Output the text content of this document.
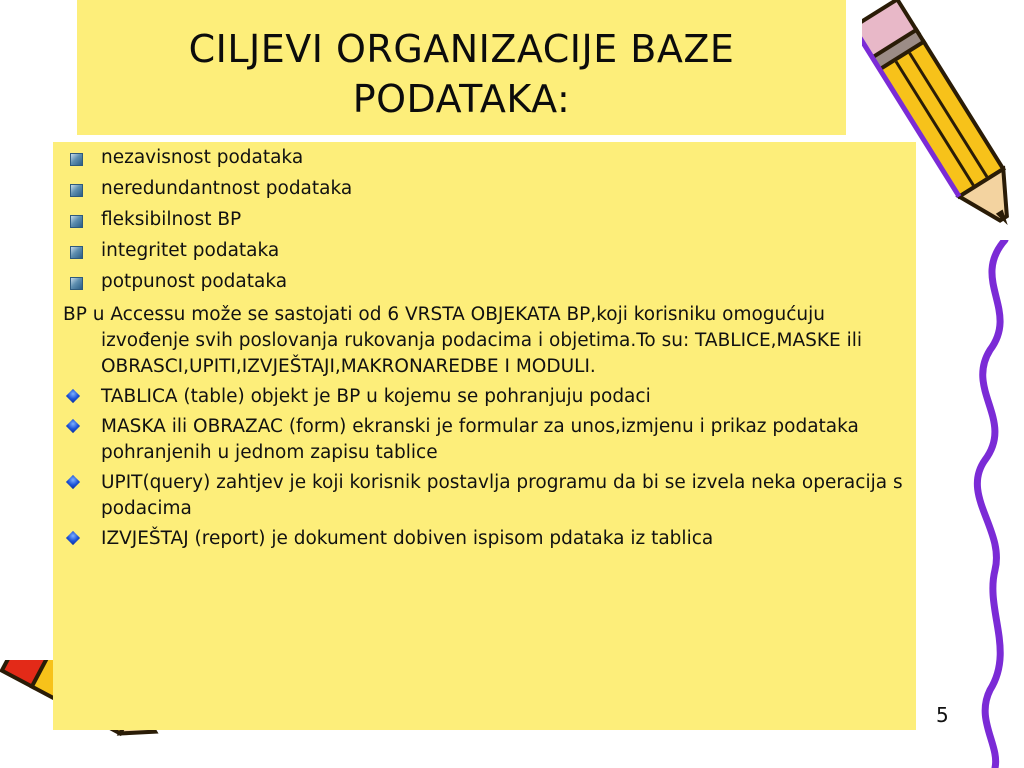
CILJEVI ORGANIZACIJE BAZE PODATAKA:
nezavisnost podataka
neredundantnost podataka
fleksibilnost BP
integritet podataka
potpunost podataka
BP u Accessu može se sastojati od 6 VRSTA OBJEKATA BP,koji korisniku omogućuju izvođenje svih poslovanja rukovanja podacima i objetima.To su: TABLICE,MASKE ili OBRASCI,UPITI,IZVJEŠTAJI,MAKRONAREDBE I MODULI.
TABLICA (table) objekt je BP u kojemu se pohranjuju podaci
MASKA ili OBRAZAC (form) ekranski je formular za unos,izmjenu i prikaz podataka pohranjenih u jednom zapisu tablice
UPIT(query) zahtjev je koji korisnik postavlja programu da bi se izvela neka operacija s podacima
IZVJEŠTAJ (report) je dokument dobiven ispisom pdataka iz tablica
5
